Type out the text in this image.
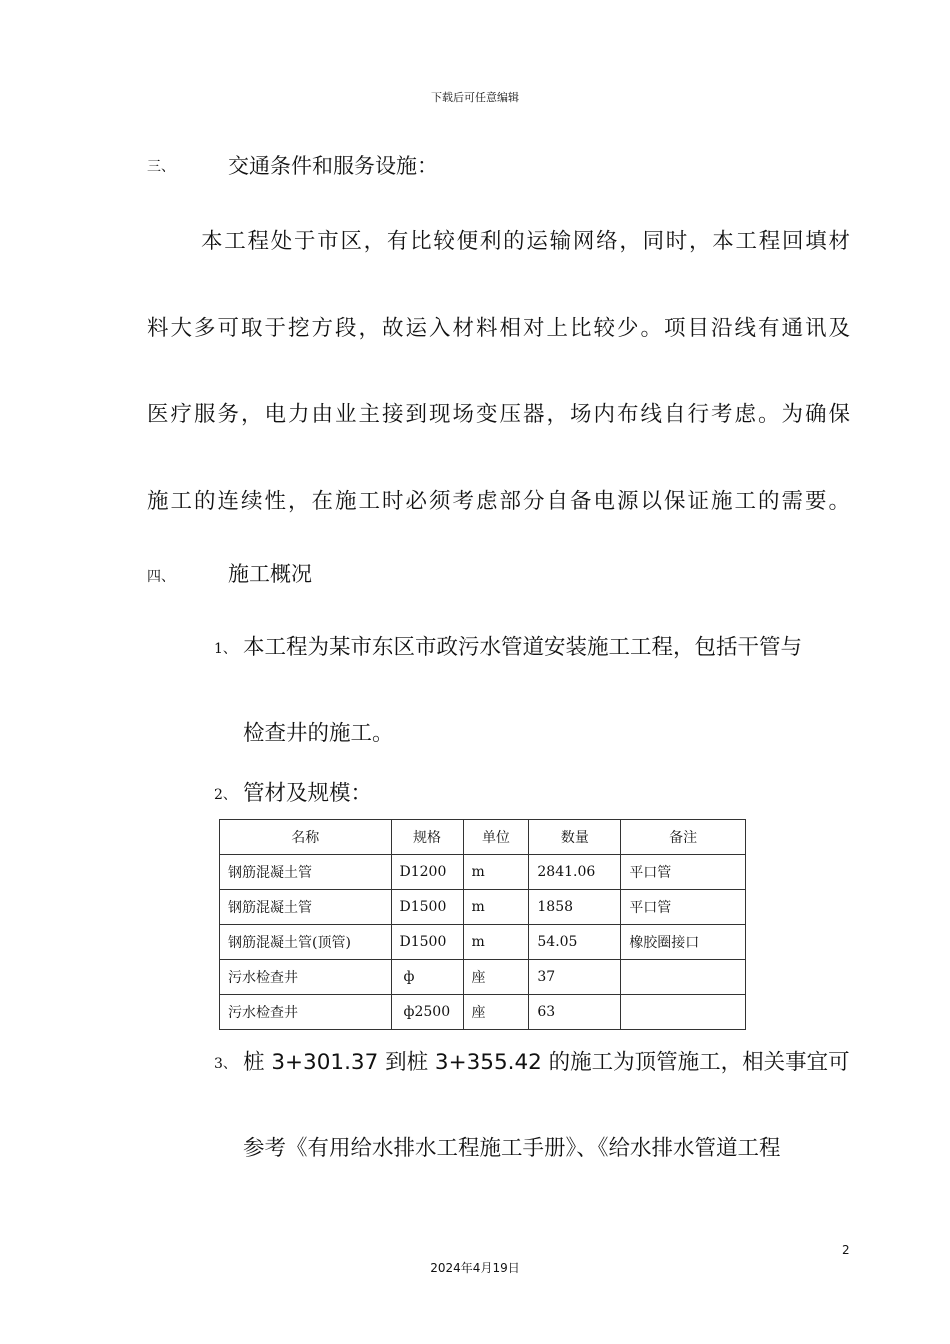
下载后可任意编辑
三、	交通条件和服务设施：
本工程处于市区，有比较便利的运输网络，同时，本工程回填材
料大多可取于挖方段，故运入材料相对上比较少。项目沿线有通讯及
医疗服务，电力由业主接到现场变压器，场内布线自行考虑。为确保
施工的连续性，在施工时必须考虑部分自备电源以保证施工的需要。
四、	施工概况
1、 本工程为某市东区市政污水管道安装施工工程，包括干管与
检查井的施工。
2、 管材及规模：
名称	规格	单位	数量	备注
钢筋混凝土管	D1200	m	2841.06	平口管
钢筋混凝土管	D1500	m	1858	平口管
钢筋混凝土管(顶管)	D1500	m	54.05	橡胶圈接口
污水检查井	ф	座	37	
污水检查井	ф2500	座	63	
3、 桩 3+301.37 到桩 3+355.42 的施工为顶管施工，相关事宜可
参考《有用给水排水工程施工手册》、《给水排水管道工程
2
2024年4月19日
